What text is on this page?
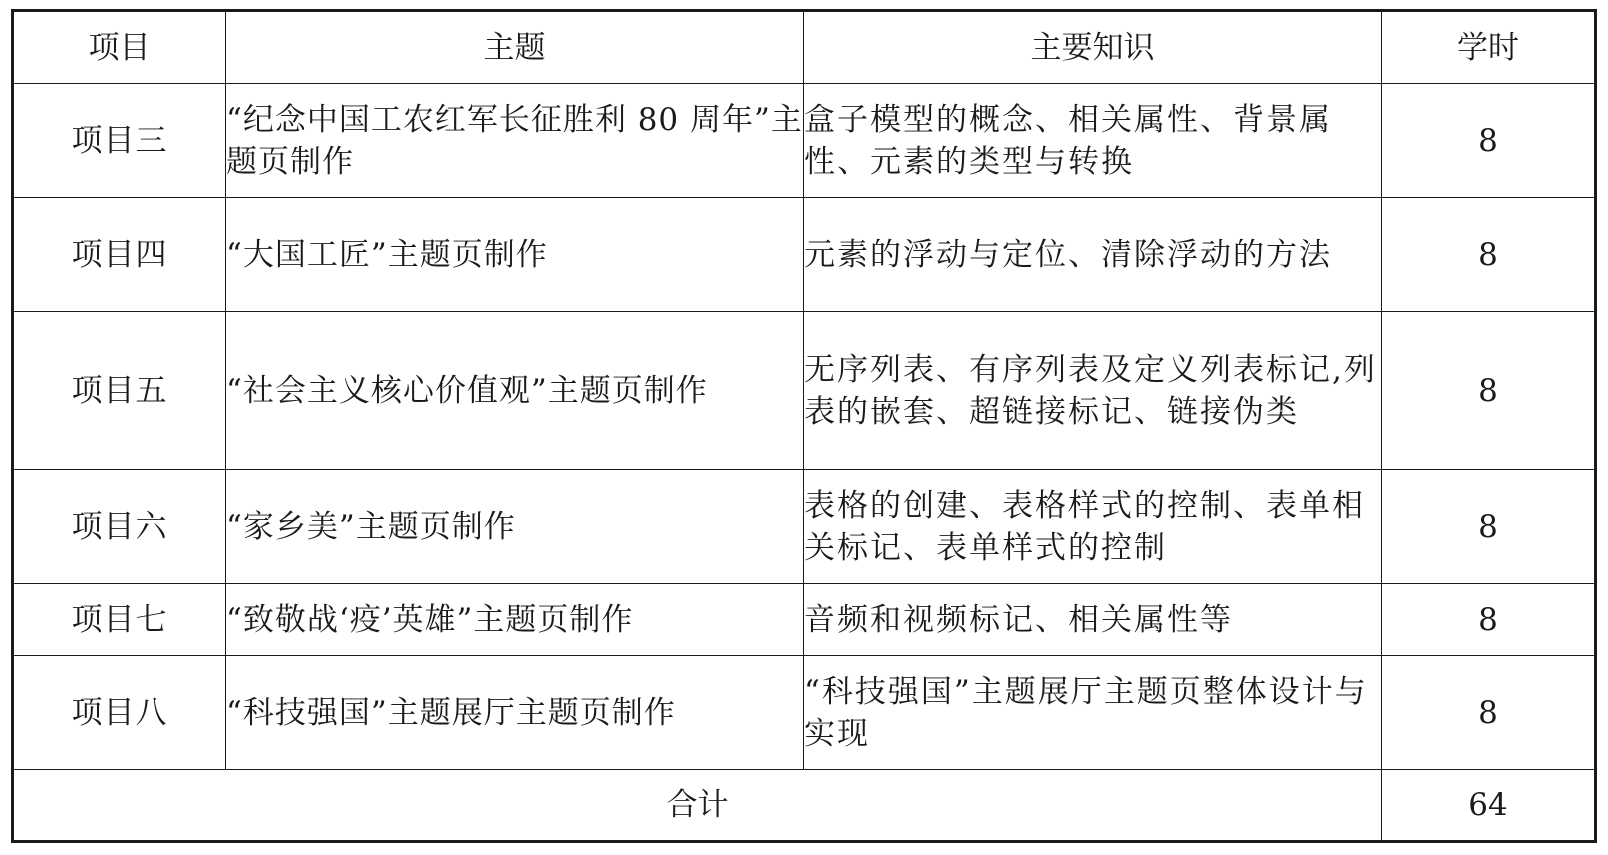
项目	主题	主要知识	学时
项目三	“纪念中国工农红军长征胜利 80 周年”主题页制作	盒子模型的概念、相关属性、背景属性、元素的类型与转换	8
项目四	“大国工匠”主题页制作	元素的浮动与定位、清除浮动的方法	8
项目五	“社会主义核心价值观”主题页制作	无序列表、有序列表及定义列表标记,列表的嵌套、超链接标记、链接伪类	8
项目六	“家乡美”主题页制作	表格的创建、表格样式的控制、表单相关标记、表单样式的控制	8
项目七	“致敬战‘疫’英雄”主题页制作	音频和视频标记、相关属性等	8
项目八	“科技强国”主题展厅主题页制作	“科技强国”主题展厅主题页整体设计与实现	8
合计			64
